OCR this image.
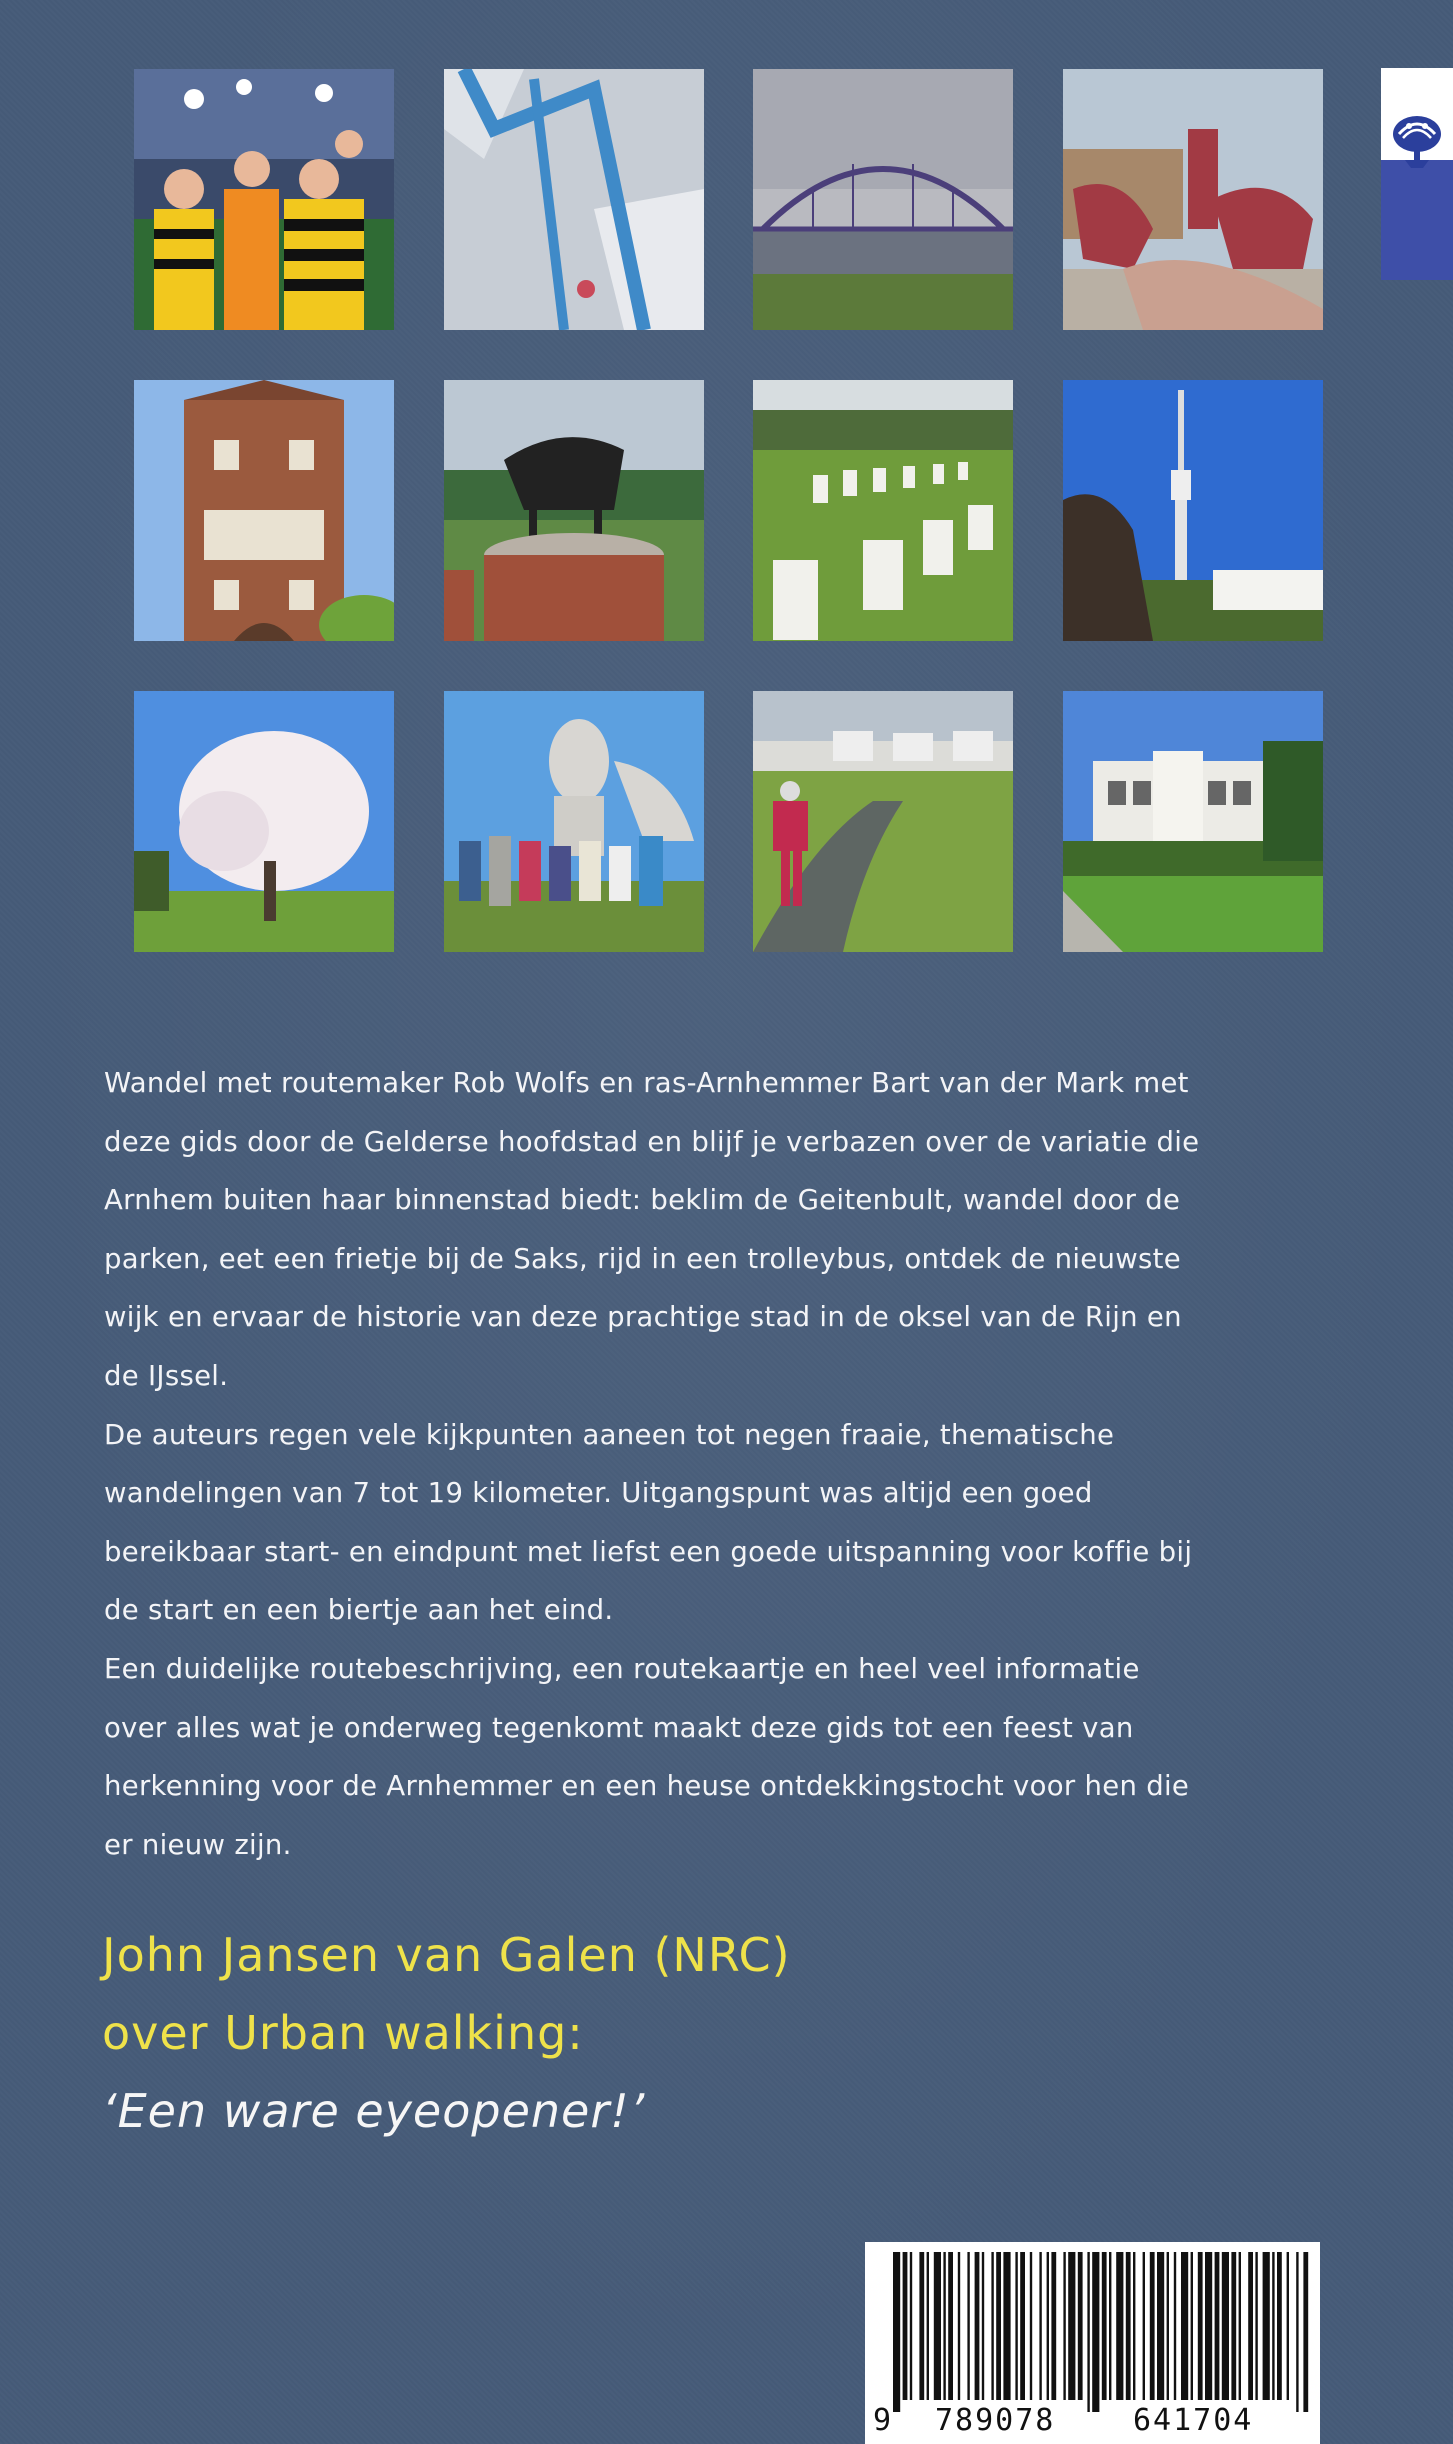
Wandel met routemaker Rob Wolfs en ras-Arnhemmer Bart van der Mark met
deze gids door de Gelderse hoofdstad en blijf je verbazen over de variatie die
Arnhem buiten haar binnenstad biedt: beklim de Geitenbult, wandel door de
parken, eet een frietje bij de Saks, rijd in een trolleybus, ontdek de nieuwste
wijk en ervaar de historie van deze prachtige stad in de oksel van de Rijn en
de IJssel.
De auteurs regen vele kijkpunten aaneen tot negen fraaie, thematische
wandelingen van 7 tot 19 kilometer. Uitgangspunt was altijd een goed
bereikbaar start- en eindpunt met liefst een goede uitspanning voor koffie bij
de start en een biertje aan het eind.
Een duidelijke routebeschrijving, een routekaartje en heel veel informatie
over alles wat je onderweg tegenkomt maakt deze gids tot een feest van
herkenning voor de Arnhemmer en een heuse ontdekkingstocht voor hen die
er nieuw zijn.
John Jansen van Galen (NRC)
over Urban walking:
‘Een ware eyeopener!’
9 789078	641704
